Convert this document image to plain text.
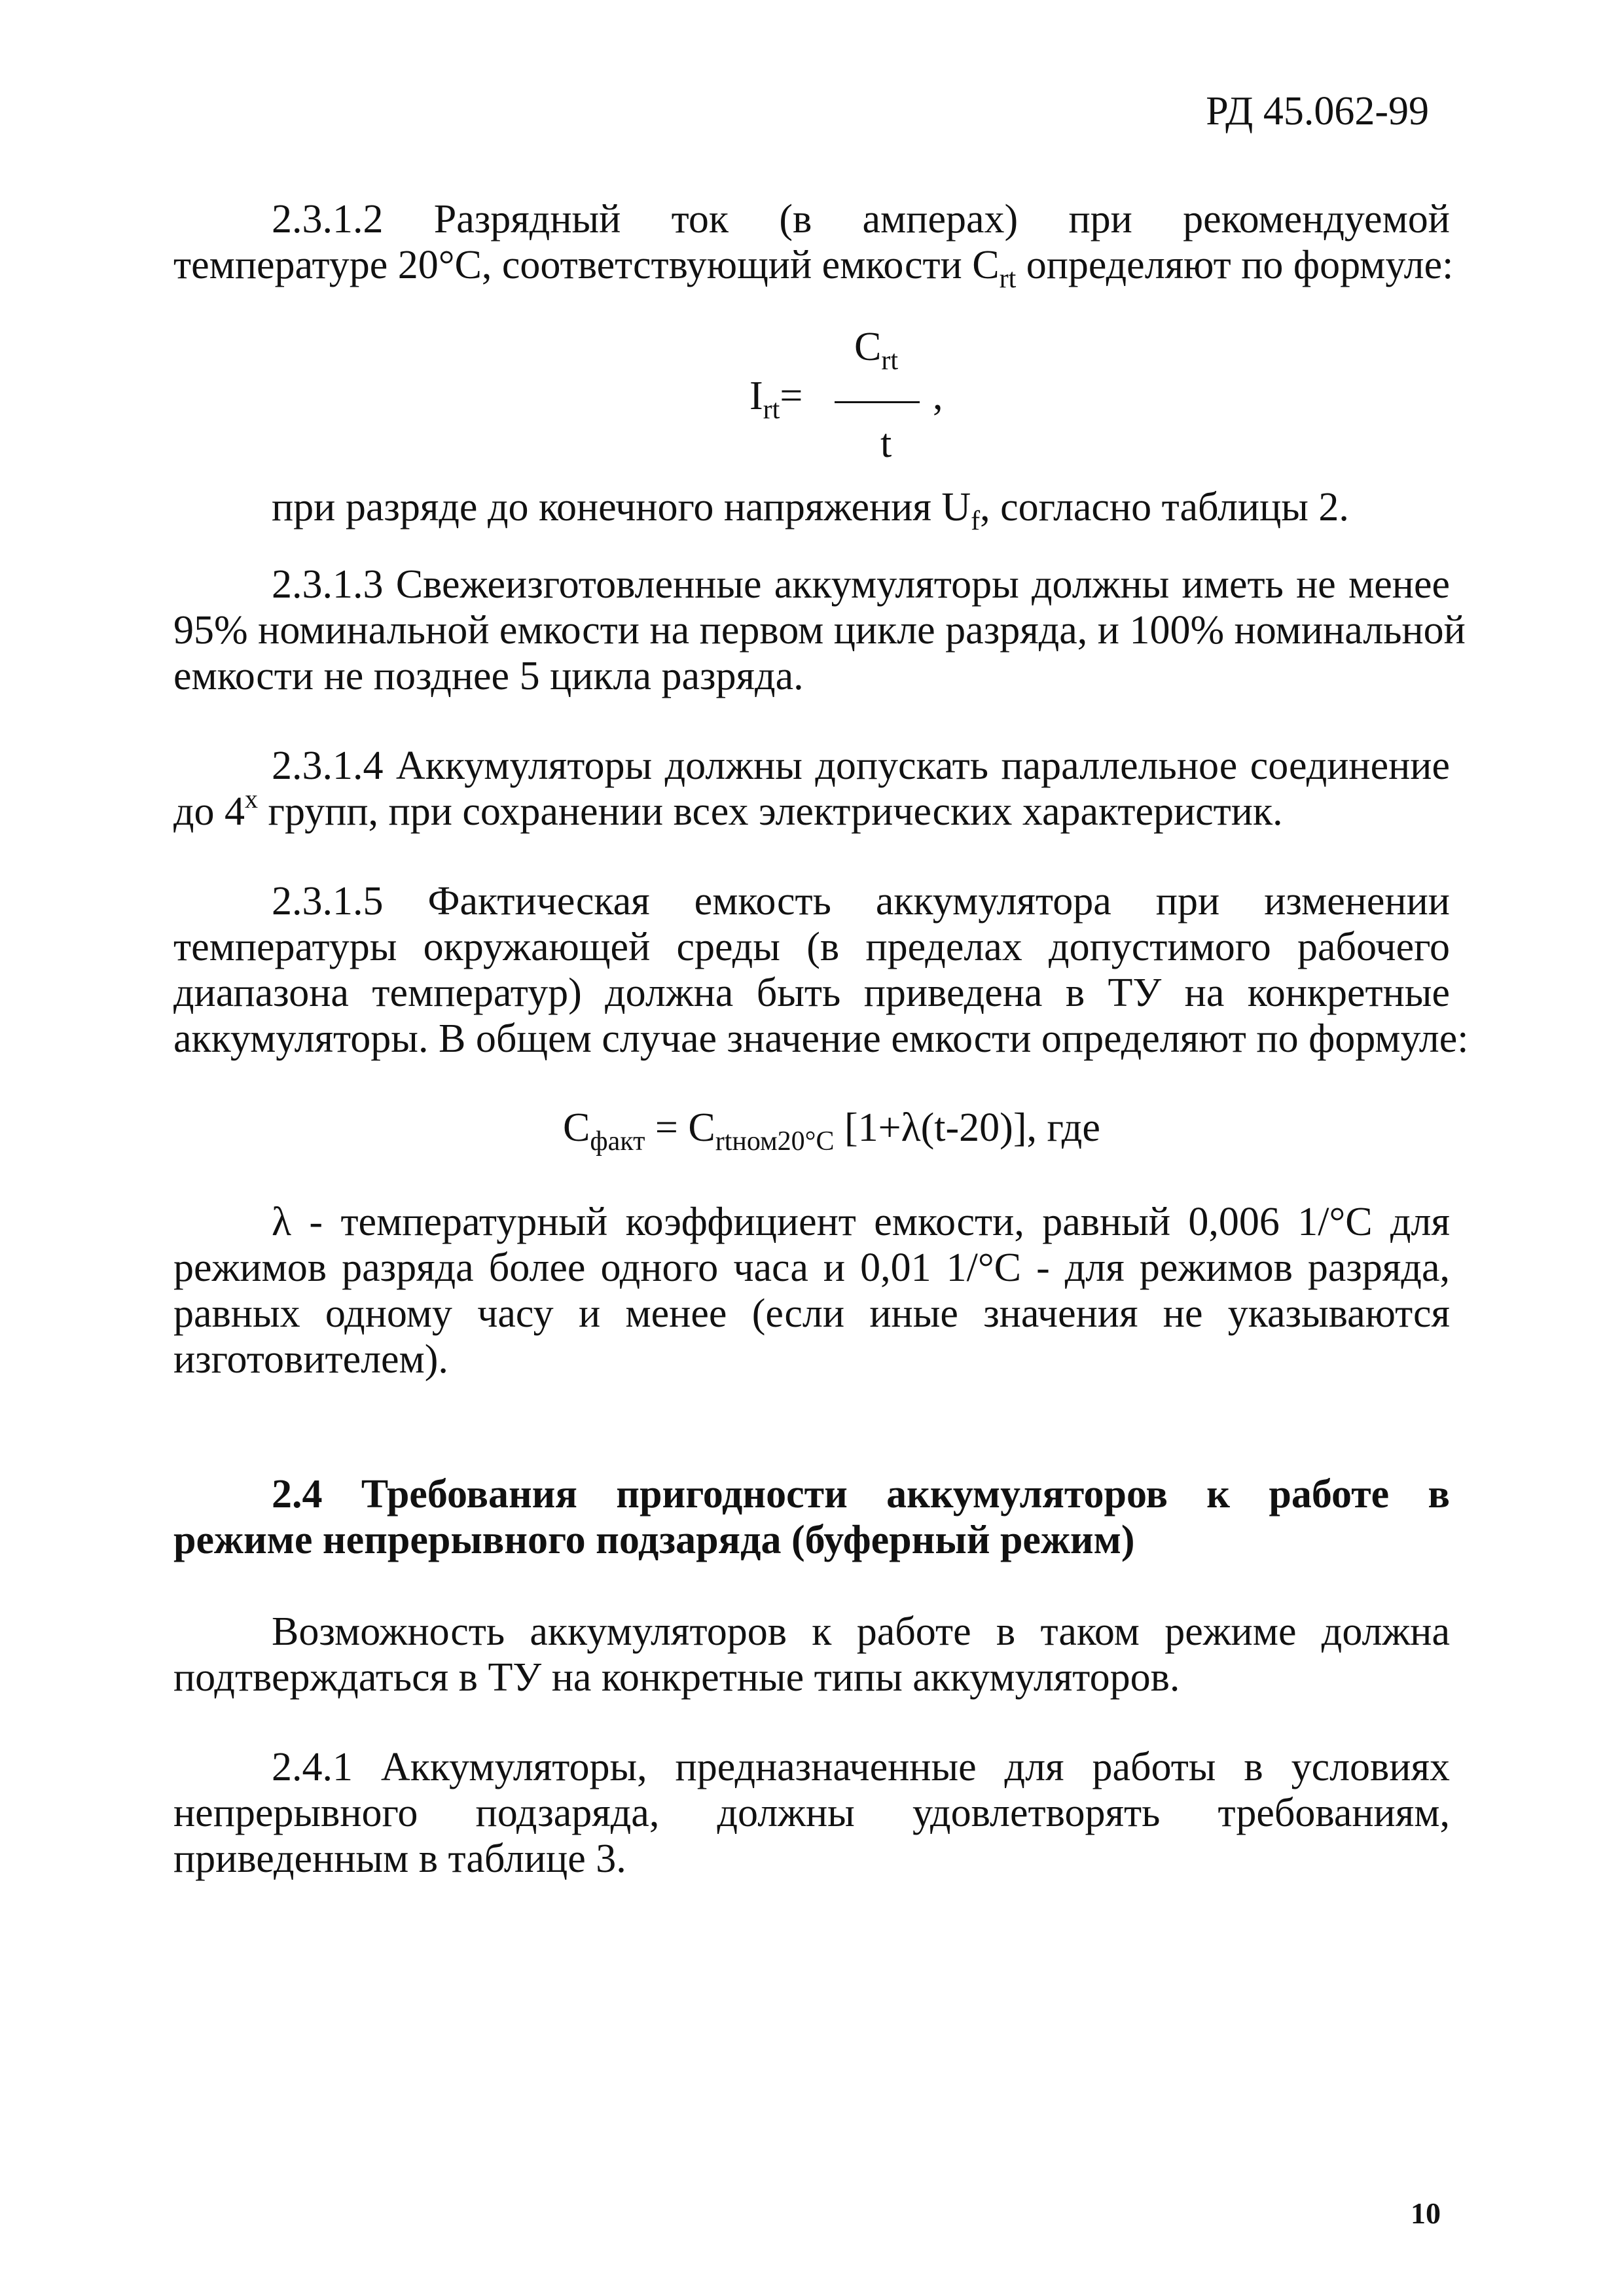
РД 45.062-99
2.3.1.2 Разрядный ток (в амперах) при рекомендуемой
температуре 20°С, соответствующий емкости $С_{rt}$ определяют по формуле:
$С_{rt}$
$I_{rt}=$	,
t
при разряде до конечного напряжения $U_f$, согласно таблицы 2.
2.3.1.3 Свежеизготовленные аккумуляторы должны иметь не менее
95% номинальной емкости на первом цикле разряда, и 100% номинальной
емкости не позднее 5 цикла разряда.
2.3.1.4 Аккумуляторы должны допускать параллельное соединение
до $4^х$ групп, при сохранении всех электрических характеристик.
2.3.1.5 Фактическая емкость аккумулятора при изменении
температуры окружающей среды (в пределах допустимого рабочего
диапазона температур) должна быть приведена в ТУ на конкретные
аккумуляторы. В общем случае значение емкости определяют по формуле:
$С_{факт} = С_{rtном20^\circ С}$ [1+λ(t-20)], где
λ - температурный коэффициент емкости, равный 0,006 1/°С для
режимов разряда более одного часа и 0,01 1/°С - для режимов разряда,
равных одному часу и менее (если иные значения не указываются
изготовителем).
2.4 Требования пригодности аккумуляторов к работе в
режиме непрерывного подзаряда (буферный режим)
Возможность аккумуляторов к работе в таком режиме должна
подтверждаться в ТУ на конкретные типы аккумуляторов.
2.4.1 Аккумуляторы, предназначенные для работы в условиях
непрерывного подзаряда, должны удовлетворять требованиям,
приведенным в таблице 3.
10
